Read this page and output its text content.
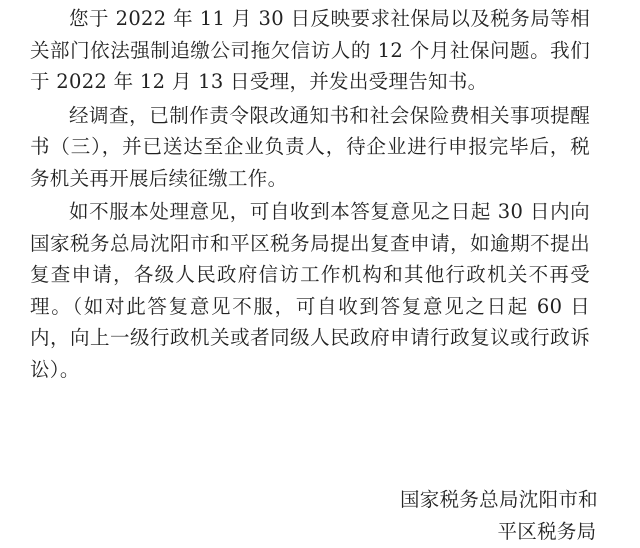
您于 2022 年 11 月 30 日反映要求社保局以及税务局等相关部门依法强制追缴公司拖欠信访人的 12 个月社保问题。我们于 2022 年 12 月 13 日受理，并发出受理告知书。

经调查，已制作责令限改通知书和社会保险费相关事项提醒书（三），并已送达至企业负责人，待企业进行申报完毕后，税务机关再开展后续征缴工作。

如不服本处理意见，可自收到本答复意见之日起 30 日内向国家税务总局沈阳市和平区税务局提出复查申请，如逾期不提出复查申请，各级人民政府信访工作机构和其他行政机关不再受理。（如对此答复意见不服，可自收到答复意见之日起 60 日内，向上一级行政机关或者同级人民政府申请行政复议或行政诉讼）。

国家税务总局沈阳市和
平区税务局
